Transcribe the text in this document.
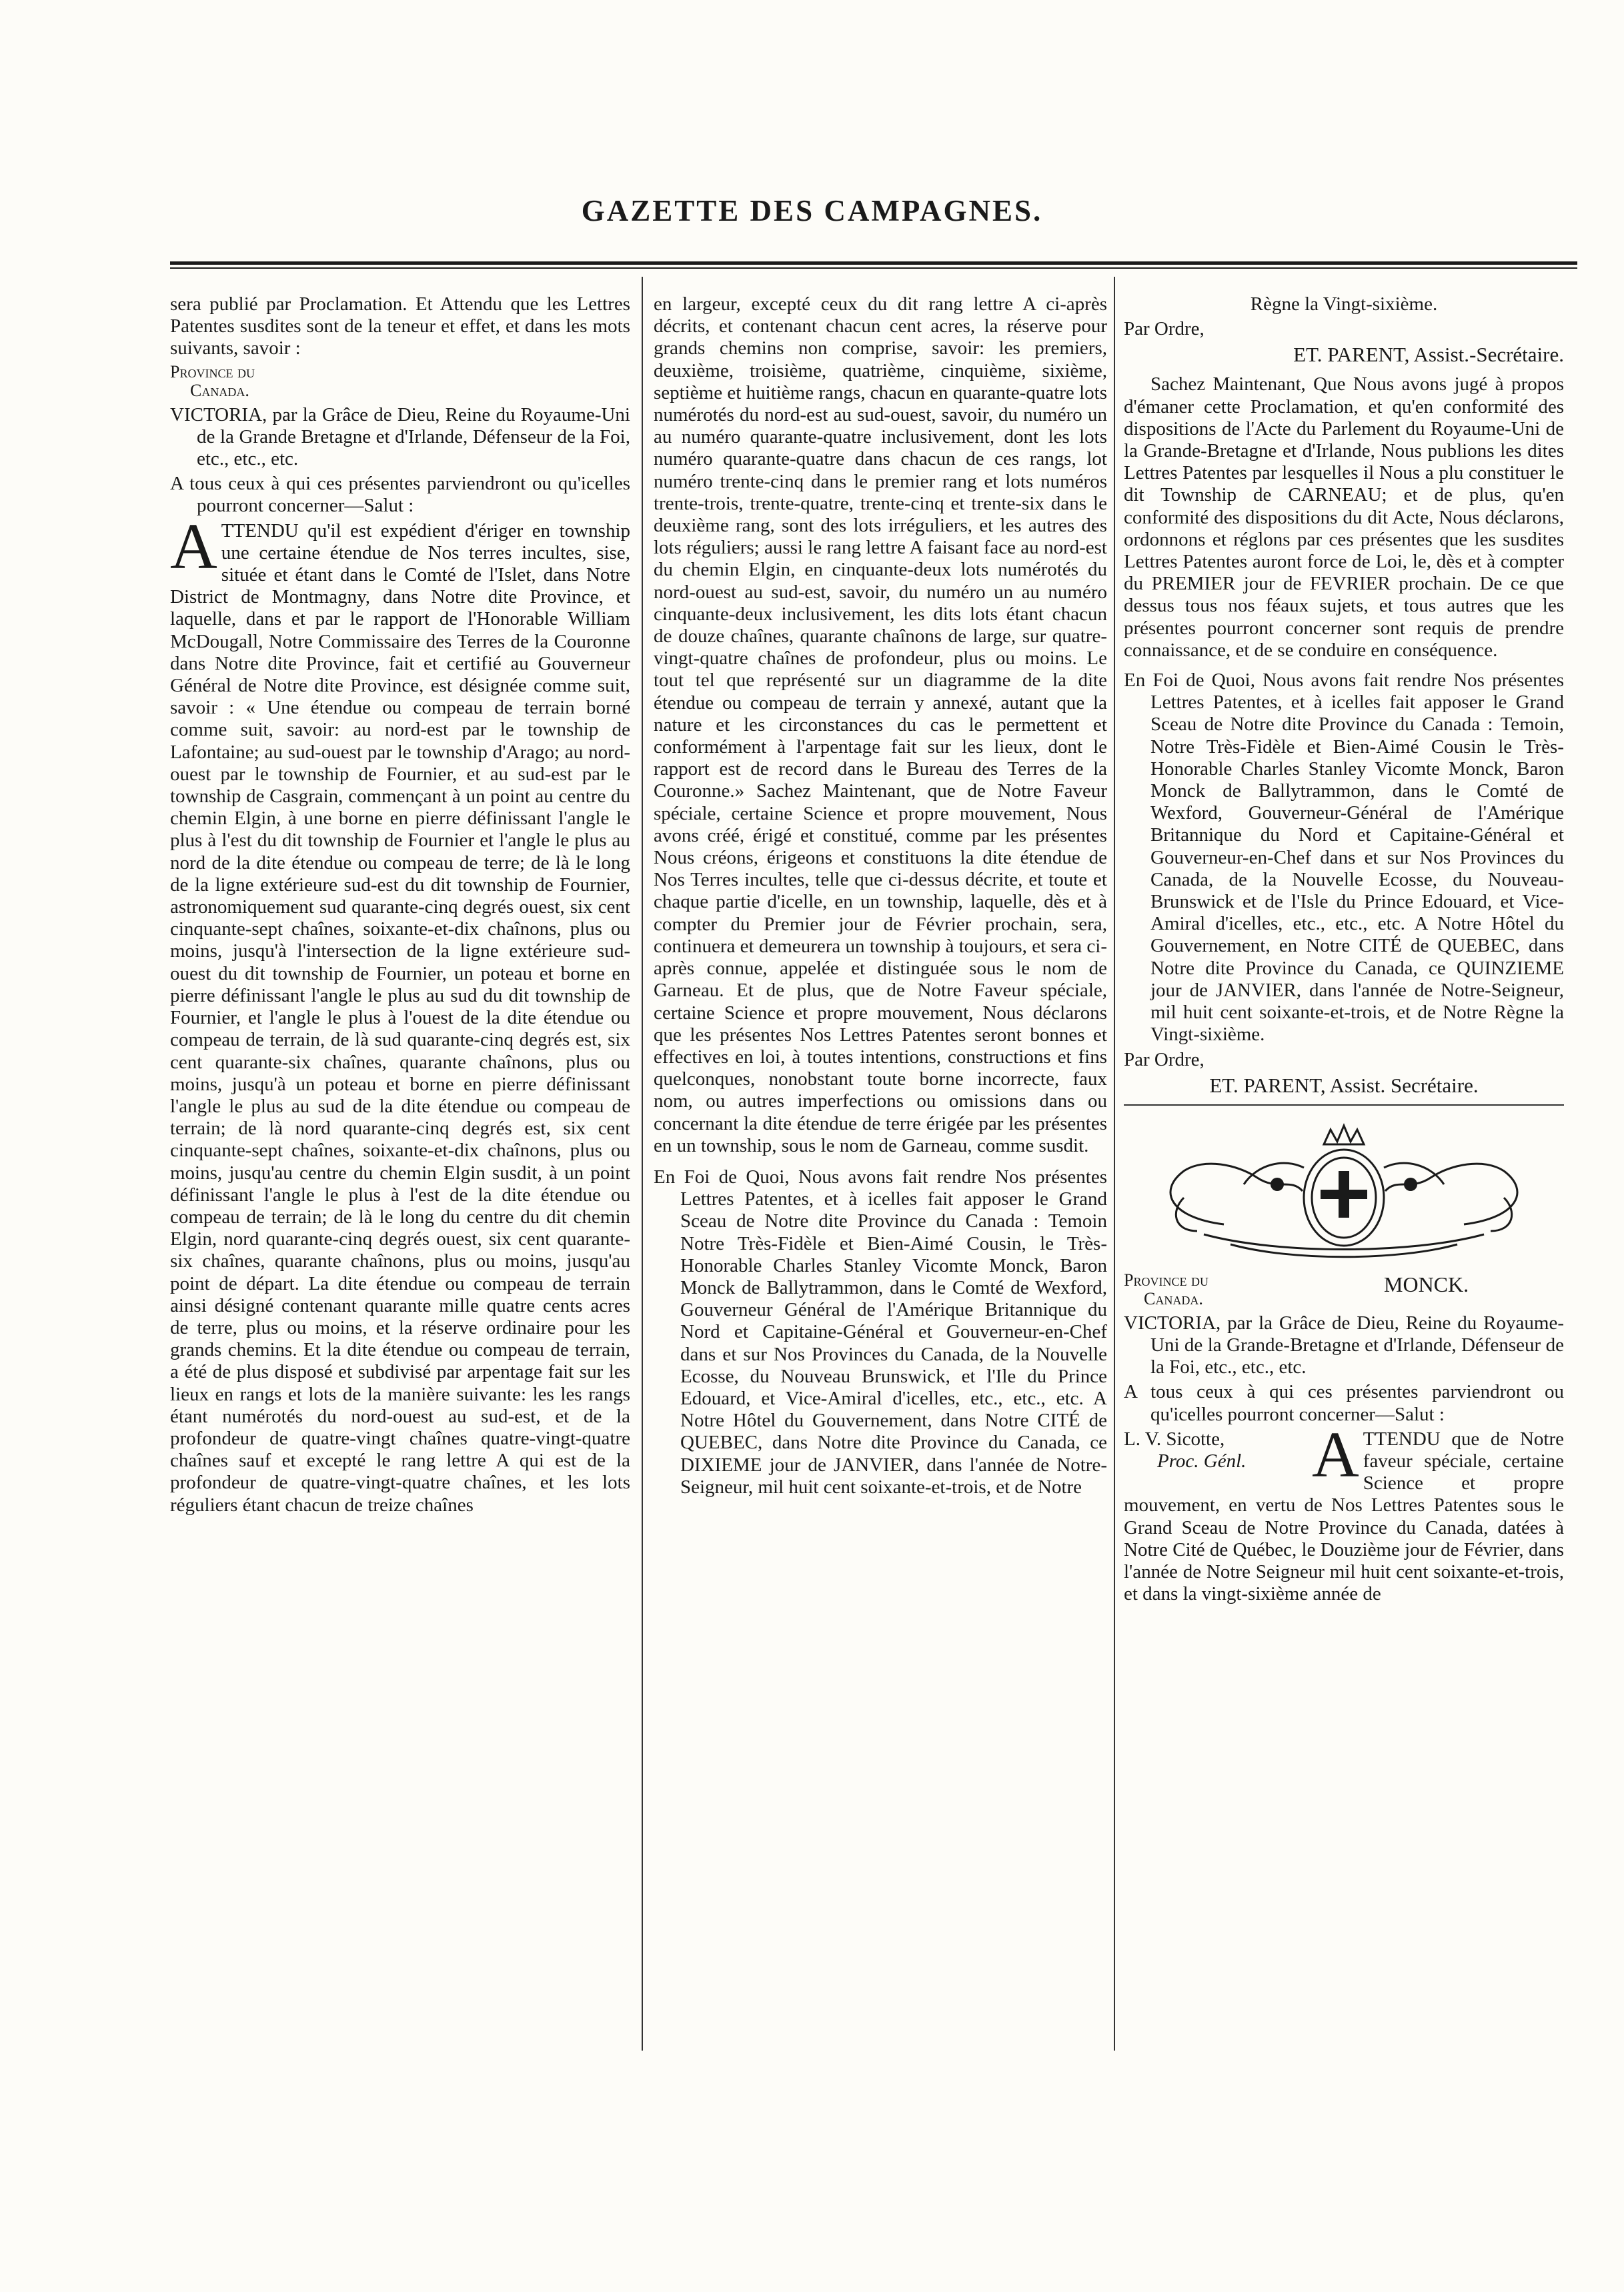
GAZETTE DES CAMPAGNES.

sera publié par Proclamation. Et Attendu que les Lettres Patentes susdites sont de la teneur et effet, et dans les mots suivants, savoir :

Province du
Canada.

VICTORIA, par la Grâce de Dieu, Reine du Royaume-Uni de la Grande Bretagne et d'Irlande, Défenseur de la Foi, etc., etc., etc.

A tous ceux à qui ces présentes parviendront ou qu'icelles pourront concerner—Salut :

ATTENDU qu'il est expédient d'ériger en township une certaine étendue de Nos terres incultes, sise, située et étant dans le Comté de l'Islet, dans Notre District de Montmagny, dans Notre dite Province, et laquelle, dans et par le rapport de l'Honorable William McDougall, Notre Commissaire des Terres de la Couronne dans Notre dite Province, fait et certifié au Gouverneur Général de Notre dite Province, est désignée comme suit, savoir : « Une étendue ou compeau de terrain borné comme suit, savoir: au nord-est par le township de Lafontaine; au sud-ouest par le township d'Arago; au nord-ouest par le township de Fournier, et au sud-est par le township de Casgrain, commençant à un point au centre du chemin Elgin, à une borne en pierre définissant l'angle le plus à l'est du dit township de Fournier et l'angle le plus au nord de la dite étendue ou compeau de terre; de là le long de la ligne extérieure sud-est du dit township de Fournier, astronomiquement sud quarante-cinq degrés ouest, six cent cinquante-sept chaînes, soixante-et-dix chaînons, plus ou moins, jusqu'à l'intersection de la ligne extérieure sud-ouest du dit township de Fournier, un poteau et borne en pierre définissant l'angle le plus au sud du dit township de Fournier, et l'angle le plus à l'ouest de la dite étendue ou compeau de terrain, de là sud quarante-cinq degrés est, six cent quarante-six chaînes, quarante chaînons, plus ou moins, jusqu'à un poteau et borne en pierre définissant l'angle le plus au sud de la dite étendue ou compeau de terrain; de là nord quarante-cinq degrés est, six cent cinquante-sept chaînes, soixante-et-dix chaînons, plus ou moins, jusqu'au centre du chemin Elgin susdit, à un point définissant l'angle le plus à l'est de la dite étendue ou compeau de terrain; de là le long du centre du dit chemin Elgin, nord quarante-cinq degrés ouest, six cent quarante-six chaînes, quarante chaînons, plus ou moins, jusqu'au point de départ. La dite étendue ou compeau de terrain ainsi désigné contenant quarante mille quatre cents acres de terre, plus ou moins, et la réserve ordinaire pour les grands chemins. Et la dite étendue ou compeau de terrain, a été de plus disposé et subdivisé par arpentage fait sur les lieux en rangs et lots de la manière suivante: les les rangs étant numérotés du nord-ouest au sud-est, et de la profondeur de quatre-vingt chaînes quatre-vingt-quatre chaînes sauf et excepté le rang lettre A qui est de la profondeur de quatre-vingt-quatre chaînes, et les lots réguliers étant chacun de treize chaînes

en largeur, excepté ceux du dit rang lettre A ci-après décrits, et contenant chacun cent acres, la réserve pour grands chemins non comprise, savoir: les premiers, deuxième, troisième, quatrième, cinquième, sixième, septième et huitième rangs, chacun en quarante-quatre lots numérotés du nord-est au sud-ouest, savoir, du numéro un au numéro quarante-quatre inclusivement, dont les lots numéro quarante-quatre dans chacun de ces rangs, lot numéro trente-cinq dans le premier rang et lots numéros trente-trois, trente-quatre, trente-cinq et trente-six dans le deuxième rang, sont des lots irréguliers, et les autres des lots réguliers; aussi le rang lettre A faisant face au nord-est du chemin Elgin, en cinquante-deux lots numérotés du nord-ouest au sud-est, savoir, du numéro un au numéro cinquante-deux inclusivement, les dits lots étant chacun de douze chaînes, quarante chaînons de large, sur quatre-vingt-quatre chaînes de profondeur, plus ou moins. Le tout tel que représenté sur un diagramme de la dite étendue ou compeau de terrain y annexé, autant que la nature et les circonstances du cas le permettent et conformément à l'arpentage fait sur les lieux, dont le rapport est de record dans le Bureau des Terres de la Couronne.» Sachez Maintenant, que de Notre Faveur spéciale, certaine Science et propre mouvement, Nous avons créé, érigé et constitué, comme par les présentes Nous créons, érigeons et constituons la dite étendue de Nos Terres incultes, telle que ci-dessus décrite, et toute et chaque partie d'icelle, en un township, laquelle, dès et à compter du Premier jour de Février prochain, sera, continuera et demeurera un township à toujours, et sera ci-après connue, appelée et distinguée sous le nom de Garneau. Et de plus, que de Notre Faveur spéciale, certaine Science et propre mouvement, Nous déclarons que les présentes Nos Lettres Patentes seront bonnes et effectives en loi, à toutes intentions, constructions et fins quelconques, nonobstant toute borne incorrecte, faux nom, ou autres imperfections ou omissions dans ou concernant la dite étendue de terre érigée par les présentes en un township, sous le nom de Garneau, comme susdit.

En Foi de Quoi, Nous avons fait rendre Nos présentes Lettres Patentes, et à icelles fait apposer le Grand Sceau de Notre dite Province du Canada : Temoin Notre Très-Fidèle et Bien-Aimé Cousin, le Très-Honorable Charles Stanley Vicomte Monck, Baron Monck de Ballytrammon, dans le Comté de Wexford, Gouverneur Général de l'Amérique Britannique du Nord et Capitaine-Général et Gouverneur-en-Chef dans et sur Nos Provinces du Canada, de la Nouvelle Ecosse, du Nouveau Brunswick, et l'Ile du Prince Edouard, et Vice-Amiral d'icelles, etc., etc., etc. A Notre Hôtel du Gouvernement, dans Notre CITÉ de QUEBEC, dans Notre dite Province du Canada, ce DIXIEME jour de JANVIER, dans l'année de Notre-Seigneur, mil huit cent soixante-et-trois, et de Notre

Règne la Vingt-sixième.

Par Ordre,

ET. PARENT, Assist.-Secrétaire.

Sachez Maintenant, Que Nous avons jugé à propos d'émaner cette Proclamation, et qu'en conformité des dispositions de l'Acte du Parlement du Royaume-Uni de la Grande-Bretagne et d'Irlande, Nous publions les dites Lettres Patentes par lesquelles il Nous a plu constituer le dit Township de CARNEAU; et de plus, qu'en conformité des dispositions du dit Acte, Nous déclarons, ordonnons et réglons par ces présentes que les susdites Lettres Patentes auront force de Loi, le, dès et à compter du PREMIER jour de FEVRIER prochain. De ce que dessus tous nos féaux sujets, et tous autres que les présentes pourront concerner sont requis de prendre connaissance, et de se conduire en conséquence.

En Foi de Quoi, Nous avons fait rendre Nos présentes Lettres Patentes, et à icelles fait apposer le Grand Sceau de Notre dite Province du Canada : Temoin, Notre Très-Fidèle et Bien-Aimé Cousin le Très-Honorable Charles Stanley Vicomte Monck, Baron Monck de Ballytrammon, dans le Comté de Wexford, Gouverneur-Général de l'Amérique Britannique du Nord et Capitaine-Général et Gouverneur-en-Chef dans et sur Nos Provinces du Canada, de la Nouvelle Ecosse, du Nouveau-Brunswick et de l'Isle du Prince Edouard, et Vice-Amiral d'icelles, etc., etc., etc. A Notre Hôtel du Gouvernement, en Notre CITÉ de QUEBEC, dans Notre dite Province du Canada, ce QUINZIEME jour de JANVIER, dans l'année de Notre-Seigneur, mil huit cent soixante-et-trois, et de Notre Règne la Vingt-sixième.

Par Ordre,

ET. PARENT, Assist. Secrétaire.

Province du
Canada.
MONCK.

VICTORIA, par la Grâce de Dieu, Reine du Royaume-Uni de la Grande-Bretagne et d'Irlande, Défenseur de la Foi, etc., etc., etc.

A tous ceux à qui ces présentes parviendront ou qu'icelles pourront concerner—Salut :

L. V. Sicotte,
Proc. Génl.	A TTENDU que de Notre faveur spéciale, certaine Science et propre mouvement, en vertu de Nos Lettres Patentes sous le Grand Sceau de Notre Province du Canada, datées à Notre Cité de Québec, le Douzième jour de Février, dans l'année de Notre Seigneur mil huit cent soixante-et-trois, et dans la vingt-sixième année de
